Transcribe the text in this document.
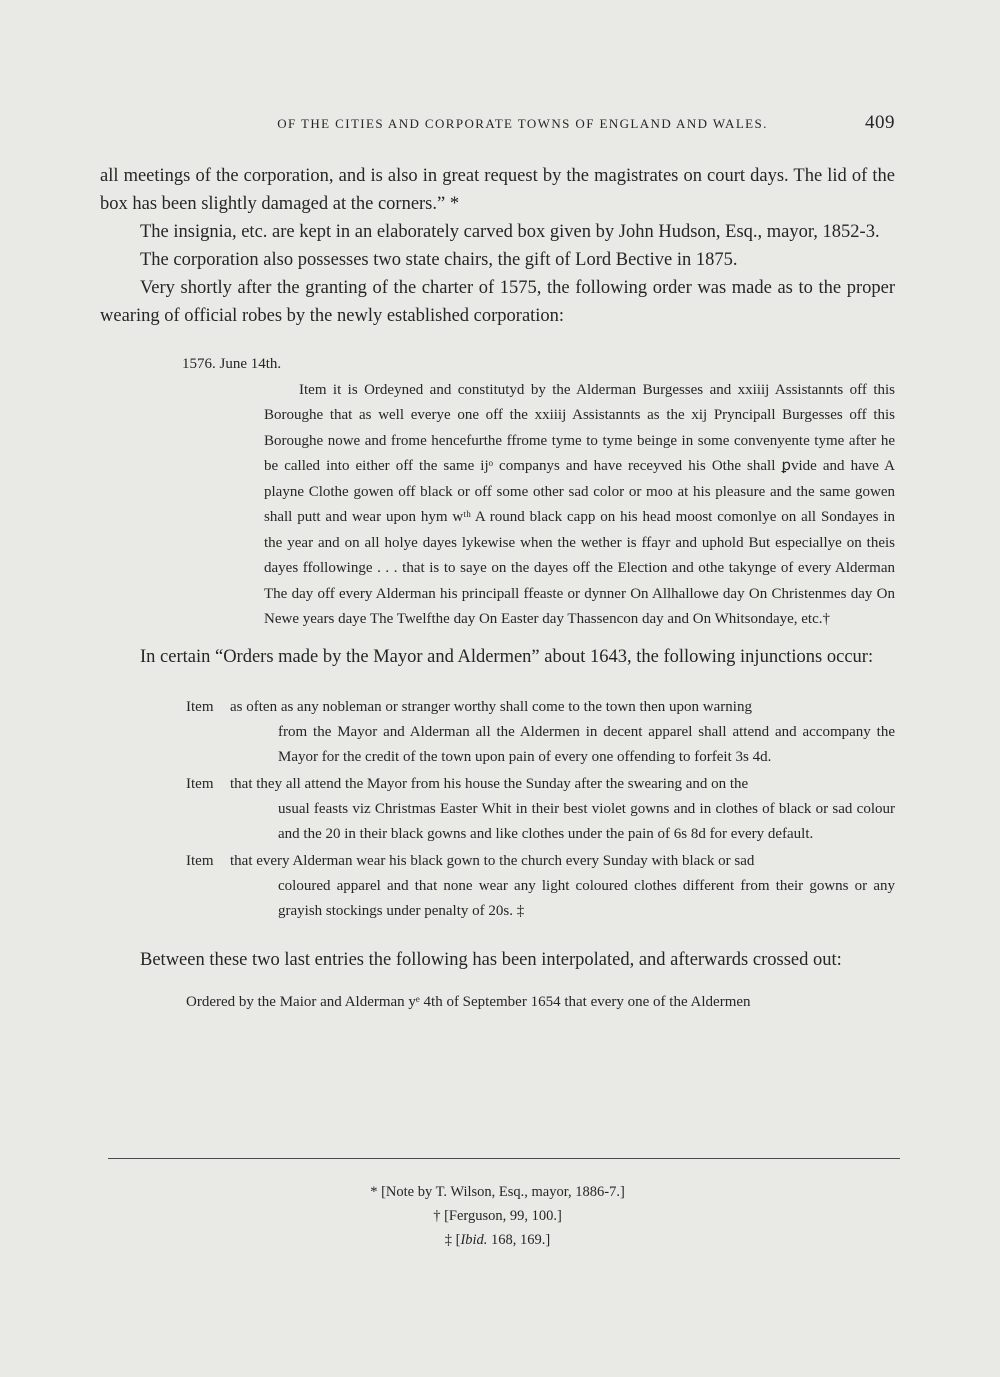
OF THE CITIES AND CORPORATE TOWNS OF ENGLAND AND WALES.	409

all meetings of the corporation, and is also in great request by the magistrates on court days. The lid of the box has been slightly damaged at the corners.” *

The insignia, etc. are kept in an elaborately carved box given by John Hudson, Esq., mayor, 1852-3.

The corporation also possesses two state chairs, the gift of Lord Bective in 1875.

Very shortly after the granting of the charter of 1575, the following order was made as to the proper wearing of official robes by the newly established corporation:

1576. June 14th.

Item it is Ordeyned and constitutyd by the Alderman Burgesses and xxiiij Assistannts off this Boroughe that as well everye one off the xxiiij Assistannts as the xij Pryncipall Burgesses off this Boroughe nowe and frome hencefurthe ffrome tyme to tyme beinge in some convenyente tyme after he be called into either off the same ijᵒ companys and have receyved his Othe shall ꝑvide and have A playne Clothe gowen off black or off some other sad color or moo at his pleasure and the same gowen shall putt and wear upon hym wᵗʰ A round black capp on his head moost comonlye on all Sondayes in the year and on all holye dayes lykewise when the wether is ffayr and uphold But especiallye on theis dayes ffollowinge . . . that is to saye on the dayes off the Election and othe takynge of every Alderman The day off every Alderman his principall ffeaste or dynner On Allhallowe day On Christenmes day On Newe years daye The Twelfthe day On Easter day Thassencon day and On Whitsondaye, etc.†

In certain “Orders made by the Mayor and Aldermen” about 1643, the following injunctions occur:

Item	as often as any nobleman or stranger worthy shall come to the town then upon warning
from the Mayor and Alderman all the Aldermen in decent apparel shall attend and accompany the Mayor for the credit of the town upon pain of every one offending to forfeit 3s 4d.

Item	that they all attend the Mayor from his house the Sunday after the swearing and on the
usual feasts viz Christmas Easter Whit in their best violet gowns and in clothes of black or sad colour and the 20 in their black gowns and like clothes under the pain of 6s 8d for every default.

Item	that every Alderman wear his black gown to the church every Sunday with black or sad
coloured apparel and that none wear any light coloured clothes different from their gowns or any grayish stockings under penalty of 20s. ‡

Between these two last entries the following has been interpolated, and afterwards crossed out:

Ordered by the Maior and Alderman yᵉ 4th of September 1654 that every one of the Aldermen

* [Note by T. Wilson, Esq., mayor, 1886-7.]

† [Ferguson, 99, 100.]

‡ [Ibid. 168, 169.]
